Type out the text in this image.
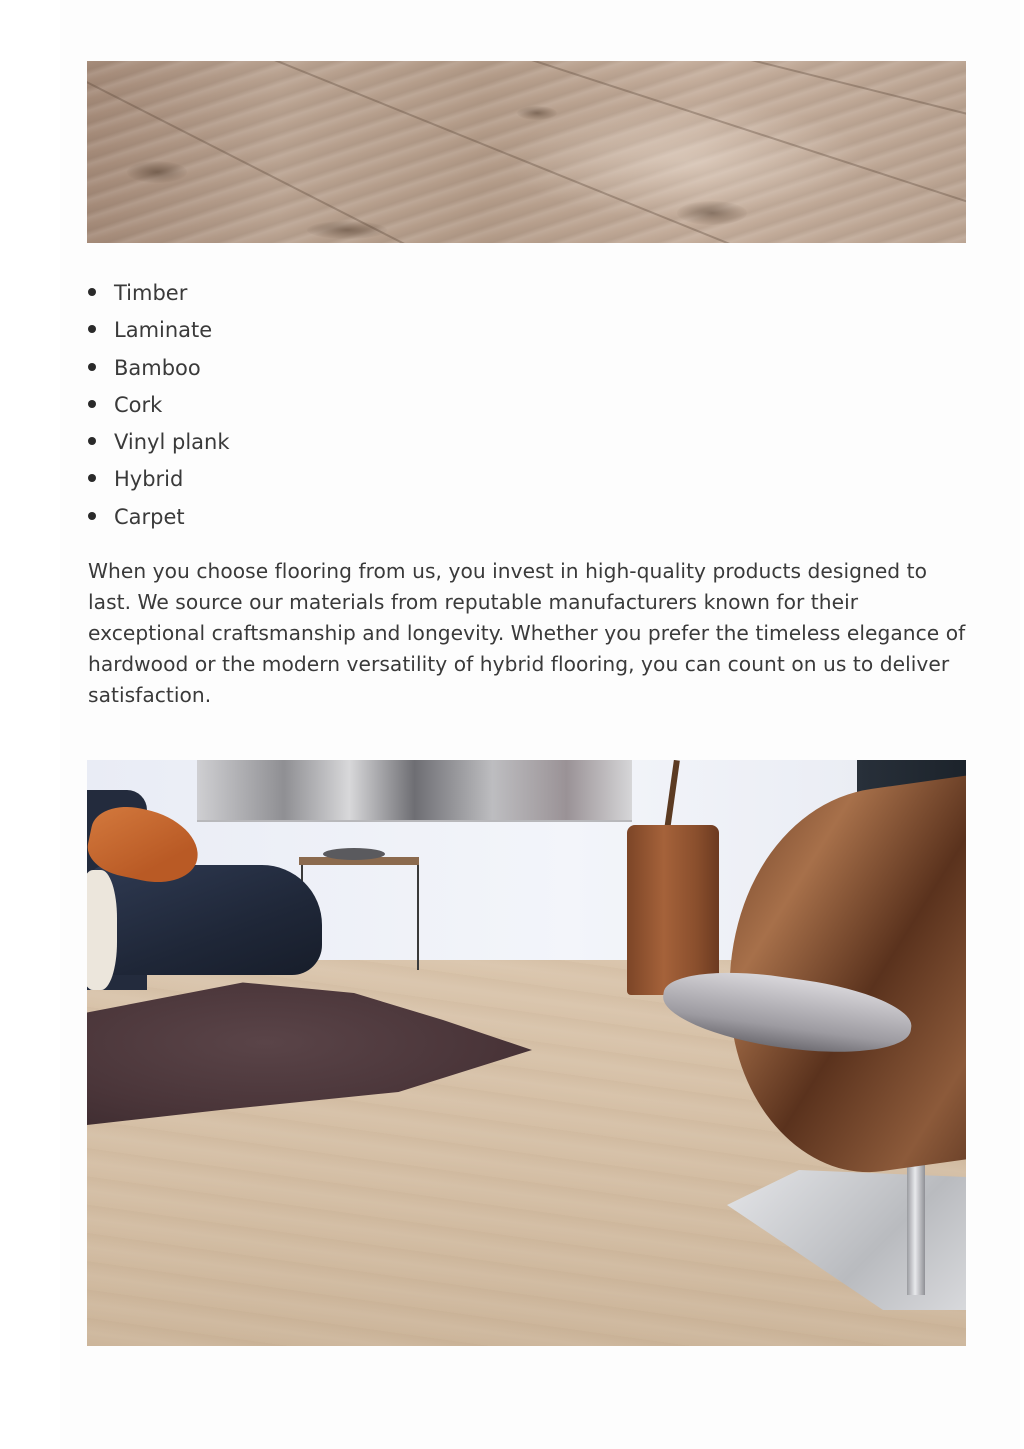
Timber
Laminate
Bamboo
Cork
Vinyl plank
Hybrid
Carpet

When you choose flooring from us, you invest in high-quality products designed to last. We source our materials from reputable manufacturers known for their exceptional craftsmanship and longevity. Whether you prefer the timeless elegance of hardwood or the modern versatility of hybrid flooring, you can count on us to deliver satisfaction.
